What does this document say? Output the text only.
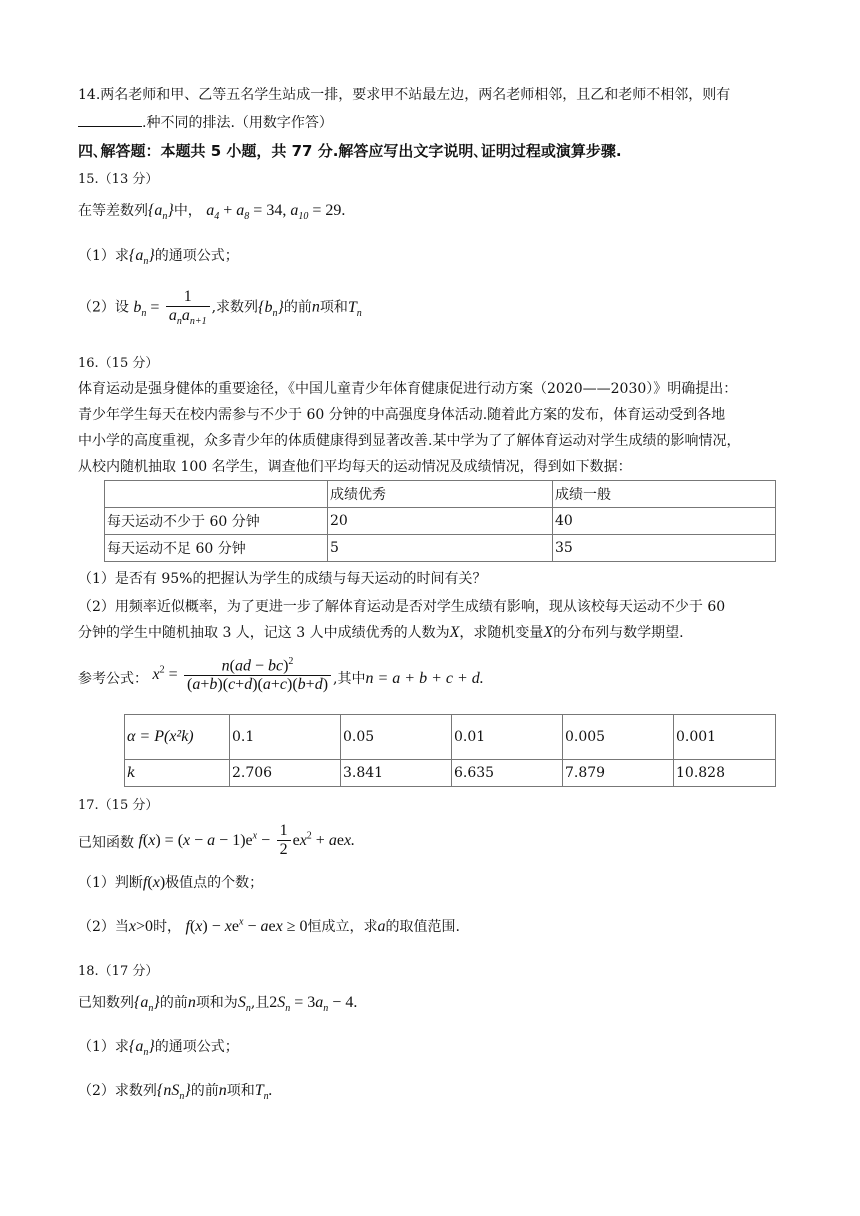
14.两名老师和甲、乙等五名学生站成一排，要求甲不站最左边，两名老师相邻，且乙和老师不相邻，则有
.种不同的排法.（用数字作答）
四､解答题：本题共 5 小题，共 77 分.解答应写出文字说明､证明过程或演算步骤.
15.（13 分）
在等差数列$\{a_n\}$中， $a_4 + a_8 = 34$, $a_{10} = 29$.
（1）求$\{a_n\}$的通项公式；
（2）设 $b_n = \frac{1}{a_na_{n+1}}$ ,求数列$\{b_n\}$的前n项和$T_n$
16.（15 分）
体育运动是强身健体的重要途径，《中国儿童青少年体育健康促进行动方案（2020——2030）》明确提出：
青少年学生每天在校内需参与不少于 60 分钟的中高强度身体活动.随着此方案的发布，体育运动受到各地
中小学的高度重视，众多青少年的体质健康得到显著改善.某中学为了了解体育运动对学生成绩的影响情况，
从校内随机抽取 100 名学生，调查他们平均每天的运动情况及成绩情况，得到如下数据：
	成绩优秀	成绩一般
每天运动不少于 60 分钟	20	40
每天运动不足 60 分钟	5	35
（1）是否有 95%的把握认为学生的成绩与每天运动的时间有关？
（2）用频率近似概率，为了更进一步了解体育运动是否对学生成绩有影响，现从该校每天运动不少于 60
分钟的学生中随机抽取 3 人，记这 3 人中成绩优秀的人数为X，求随机变量X的分布列与数学期望.
参考公式： $x^2 = \frac{n(ad - bc)^2}{(a+b)(c+d)(a+c)(b+d)}$ ,其中n = a + b + c + d.
α = P(x²k)	0.1	0.05	0.01	0.005	0.001
k	2.706	3.841	6.635	7.879	10.828
17.（15 分）
已知函数 $f(x) = (x - a - 1)e^x - \frac{1}{2} ex^2$ + aex.
（1）判断f(x)极值点的个数；
（2）当x>0时， $f(x) - xe^x$ − aex ≥ 0恒成立，求a的取值范围.
18.（17 分）
已知数列$\{a_n\}$的前n项和为$S_n$,且$2S_n = 3a_n - 4$.
（1）求$\{a_n\}$的通项公式；
（2）求数列$\{nS_n\}$的前n项和$T_n$.
